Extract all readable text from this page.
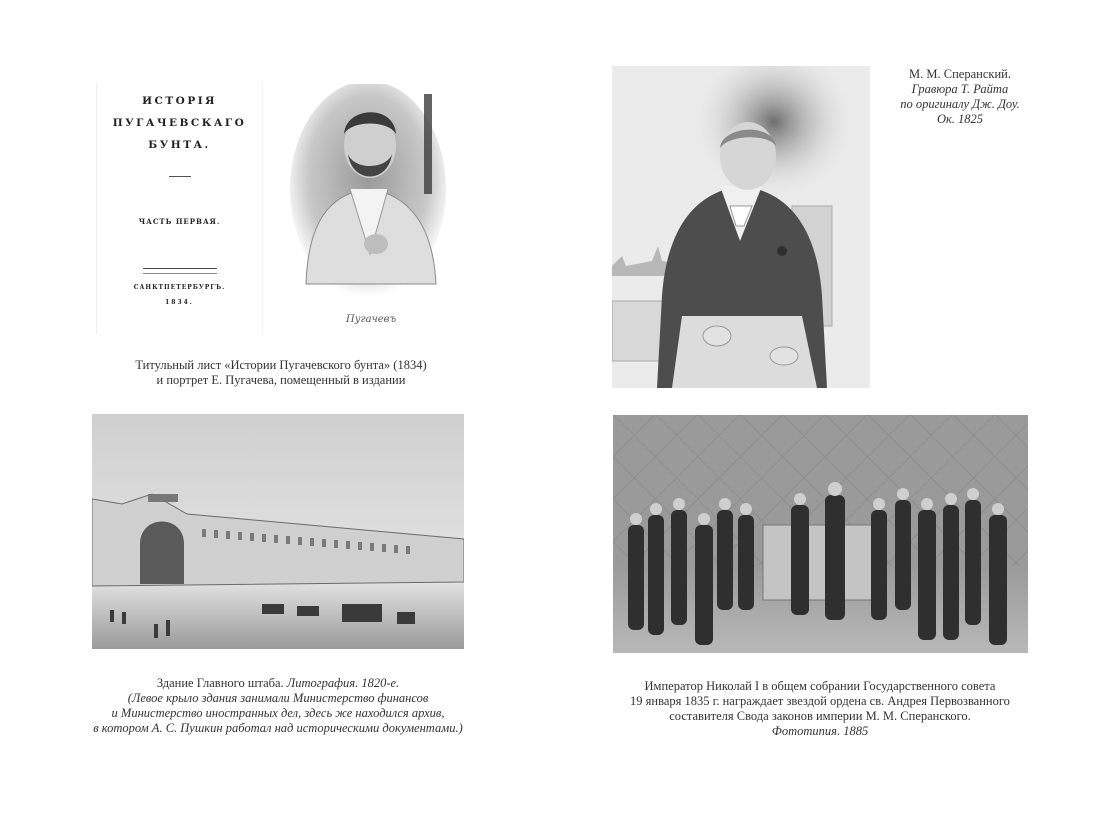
ИСТОРІЯ
ПУГАЧЕВСКАГО
БУНТА.
ЧАСТЬ ПЕРВАЯ.
САНКТПЕТЕРБУРГЪ.
1834.
Пугачевъ
Титульный лист «Истории Пугачевского бунта» (1834)
и портрет Е. Пугачева, помещенный в издании
М. М. Сперанский.
Гравюра Т. Райта
по оригиналу Дж. Доу.
Ок. 1825
Здание Главного штаба. Литография. 1820-е.
(Левое крыло здания занимали Министерство финансов
и Министерство иностранных дел, здесь же находился архив,
в котором А. С. Пушкин работал над историческими документами.)
Император Николай I в общем собрании Государственного совета
19 января 1835 г. награждает звездой ордена св. Андрея Первозванного
составителя Свода законов империи М. М. Сперанского.
Фототипия. 1885
